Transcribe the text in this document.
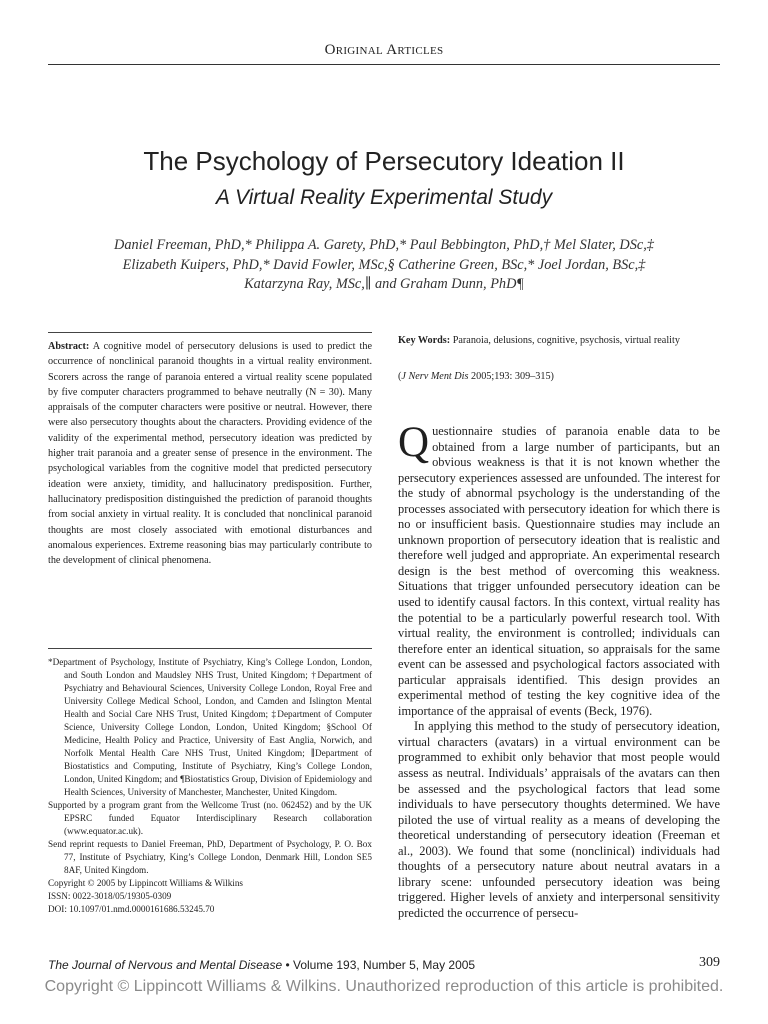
Original Articles
The Psychology of Persecutory Ideation II
A Virtual Reality Experimental Study
Daniel Freeman, PhD,* Philippa A. Garety, PhD,* Paul Bebbington, PhD,† Mel Slater, DSc,‡
Elizabeth Kuipers, PhD,* David Fowler, MSc,§ Catherine Green, BSc,* Joel Jordan, BSc,‡
Katarzyna Ray, MSc,∥ and Graham Dunn, PhD¶
Abstract: A cognitive model of persecutory delusions is used to predict the occurrence of nonclinical paranoid thoughts in a virtual reality environment. Scorers across the range of paranoia entered a virtual reality scene populated by five computer characters programmed to behave neutrally (N = 30). Many appraisals of the computer characters were positive or neutral. However, there were also persecutory thoughts about the characters. Providing evidence of the validity of the experimental method, persecutory ideation was predicted by higher trait paranoia and a greater sense of presence in the environment. The psychological variables from the cognitive model that predicted persecutory ideation were anxiety, timidity, and hallucinatory predisposition. Further, hallucinatory predisposition distinguished the prediction of paranoid thoughts from social anxiety in virtual reality. It is concluded that nonclinical paranoid thoughts are most closely associated with emotional disturbances and anomalous experiences. Extreme reasoning bias may particularly contribute to the development of clinical phenomena.

*Department of Psychology, Institute of Psychiatry, King’s College London, London, and South London and Maudsley NHS Trust, United Kingdom; †Department of Psychiatry and Behavioural Sciences, University College London, Royal Free and University College Medical School, London, and Camden and Islington Mental Health and Social Care NHS Trust, United Kingdom; ‡Department of Computer Science, University College London, London, United Kingdom; §School Of Medicine, Health Policy and Practice, University of East Anglia, Norwich, and Norfolk Mental Health Care NHS Trust, United Kingdom; ∥Department of Biostatistics and Computing, Institute of Psychiatry, King’s College London, London, United Kingdom; and ¶Biostatistics Group, Division of Epidemiology and Health Sciences, University of Manchester, Manchester, United Kingdom.

Supported by a program grant from the Wellcome Trust (no. 062452) and by the UK EPSRC funded Equator Interdisciplinary Research collaboration (www.equator.ac.uk).

Send reprint requests to Daniel Freeman, PhD, Department of Psychology, P. O. Box 77, Institute of Psychiatry, King’s College London, Denmark Hill, London SE5 8AF, United Kingdom.

Copyright © 2005 by Lippincott Williams & Wilkins

ISSN: 0022-3018/05/19305-0309

DOI: 10.1097/01.nmd.0000161686.53245.70

Key Words: Paranoia, delusions, cognitive, psychosis, virtual reality
(J Nerv Ment Dis 2005;193: 309–315)

Questionnaire studies of paranoia enable data to be obtained from a large number of participants, but an obvious weakness is that it is not known whether the persecutory experiences assessed are unfounded. The interest for the study of abnormal psychology is the understanding of the processes associated with persecutory ideation for which there is no or insufficient basis. Questionnaire studies may include an unknown proportion of persecutory ideation that is realistic and therefore well judged and appropriate. An experimental research design is the best method of overcoming this weakness. Situations that trigger unfounded persecutory ideation can be used to identify causal factors. In this context, virtual reality has the potential to be a particularly powerful research tool. With virtual reality, the environment is controlled; individuals can therefore enter an identical situation, so appraisals for the same event can be assessed and psychological factors associated with particular appraisals identified. This design provides an experimental method of testing the key cognitive idea of the importance of the appraisal of events (Beck, 1976).

In applying this method to the study of persecutory ideation, virtual characters (avatars) in a virtual environment can be programmed to exhibit only behavior that most people would assess as neutral. Individuals’ appraisals of the avatars can then be assessed and the psychological factors that lead some individuals to have persecutory thoughts determined. We have piloted the use of virtual reality as a means of developing the theoretical understanding of persecutory ideation (Freeman et al., 2003). We found that some (nonclinical) individuals had thoughts of a persecutory nature about neutral avatars in a library scene: unfounded persecutory ideation was being triggered. Higher levels of anxiety and interpersonal sensitivity predicted the occurrence of persecu-

The Journal of Nervous and Mental Disease • Volume 193, Number 5, May 2005	309
Copyright © Lippincott Williams & Wilkins. Unauthorized reproduction of this article is prohibited.
